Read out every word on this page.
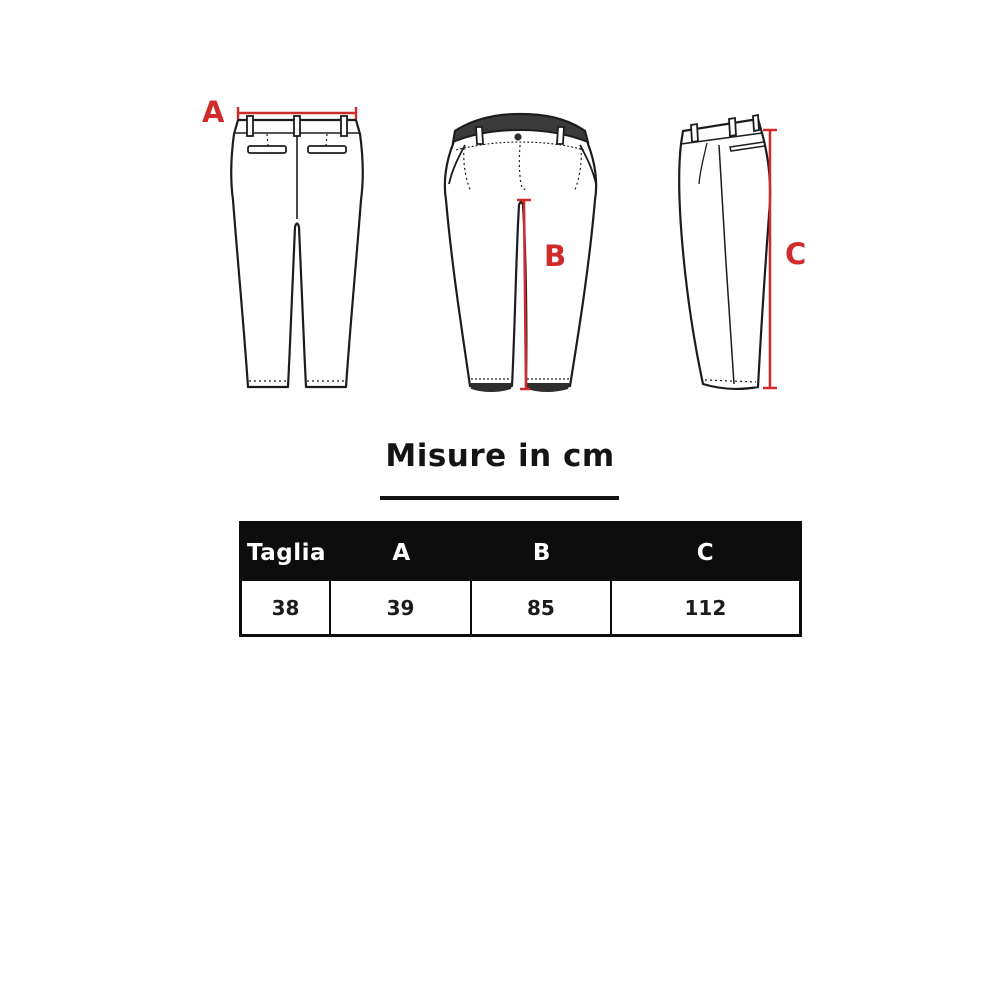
A
B	C
Misure in cm
Taglia	A	B	C
38	39	85	112
